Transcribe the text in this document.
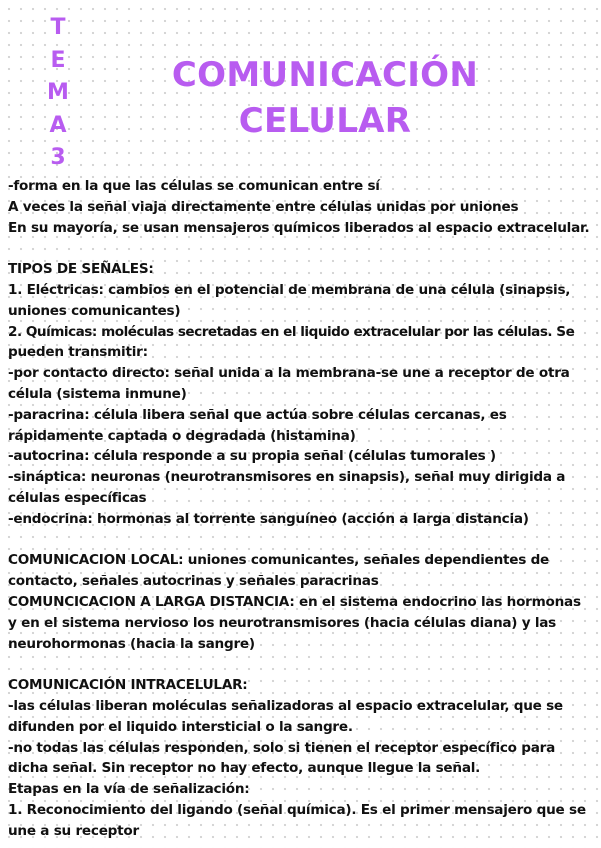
T
E
M
A
3
COMUNICACIÓN
CELULAR
-forma en la que las células se comunican entre sí
A veces la señal viaja directamente entre células unidas por uniones
En su mayoría, se usan mensajeros químicos liberados al espacio extracelular.
TIPOS DE SEÑALES:
1. Eléctricas: cambios en el potencial de membrana de una célula (sinapsis,
uniones comunicantes)
2. Químicas: moléculas secretadas en el liquido extracelular por las células. Se
pueden transmitir:
-por contacto directo: señal unida a la membrana-se une a receptor de otra
célula (sistema inmune)
-paracrina: célula libera señal que actúa sobre células cercanas, es
rápidamente captada o degradada (histamina)
-autocrina: célula responde a su propia señal (células tumorales )
-sináptica: neuronas (neurotransmisores en sinapsis), señal muy dirigida a
células específicas
-endocrina: hormonas al torrente sanguíneo (acción a larga distancia)
COMUNICACION LOCAL: uniones comunicantes, señales dependientes de
contacto, señales autocrinas y señales paracrinas
COMUNCICACION A LARGA DISTANCIA: en el sistema endocrino las hormonas
y en el sistema nervioso los neurotransmisores (hacia células diana) y las
neurohormonas (hacia la sangre)
COMUNICACIÓN INTRACELULAR:
-las células liberan moléculas señalizadoras al espacio extracelular, que se
difunden por el liquido intersticial o la sangre.
-no todas las células responden, solo si tienen el receptor específico para
dicha señal. Sin receptor no hay efecto, aunque llegue la señal.
Etapas en la vía de señalización:
1. Reconocimiento del ligando (señal química). Es el primer mensajero que se
une a su receptor
